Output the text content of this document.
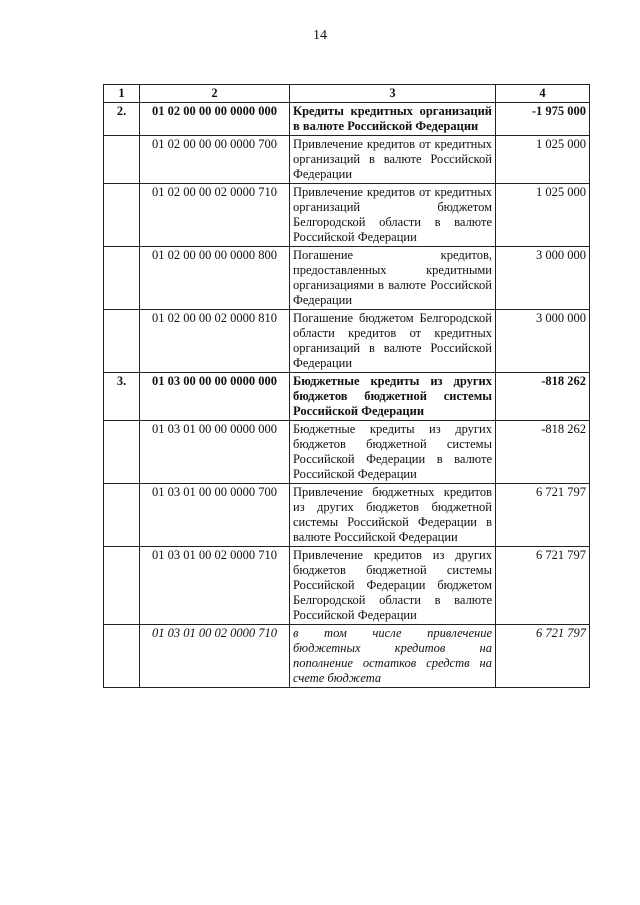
14
1	2	3	4
2.	01 02 00 00 00 0000 000	Кредиты кредитных организаций в валюте Российской Федерации	-1 975 000
	01 02 00 00 00 0000 700	Привлечение кредитов от кредитных организаций в валюте Российской Федерации	1 025 000
	01 02 00 00 02 0000 710	Привлечение кредитов от кредитных организаций бюджетом Белгородской области в валюте Российской Федерации	1 025 000
	01 02 00 00 00 0000 800	Погашение кредитов, предоставленных кредитными организациями в валюте Российской Федерации	3 000 000
	01 02 00 00 02 0000 810	Погашение бюджетом Белгородской области кредитов от кредитных организаций в валюте Российской Федерации	3 000 000
3.	01 03 00 00 00 0000 000	Бюджетные кредиты из других бюджетов бюджетной системы Российской Федерации	-818 262
	01 03 01 00 00 0000 000	Бюджетные кредиты из других бюджетов бюджетной системы Российской Федерации в валюте Российской Федерации	-818 262
	01 03 01 00 00 0000 700	Привлечение бюджетных кредитов из других бюджетов бюджетной системы Российской Федерации в валюте Российской Федерации	6 721 797
	01 03 01 00 02 0000 710	Привлечение кредитов из других бюджетов бюджетной системы Российской Федерации бюджетом Белгородской области в валюте Российской Федерации	6 721 797
	01 03 01 00 02 0000 710	в том числе привлечение бюджетных кредитов на пополнение остатков средств на счете бюджета	6 721 797
